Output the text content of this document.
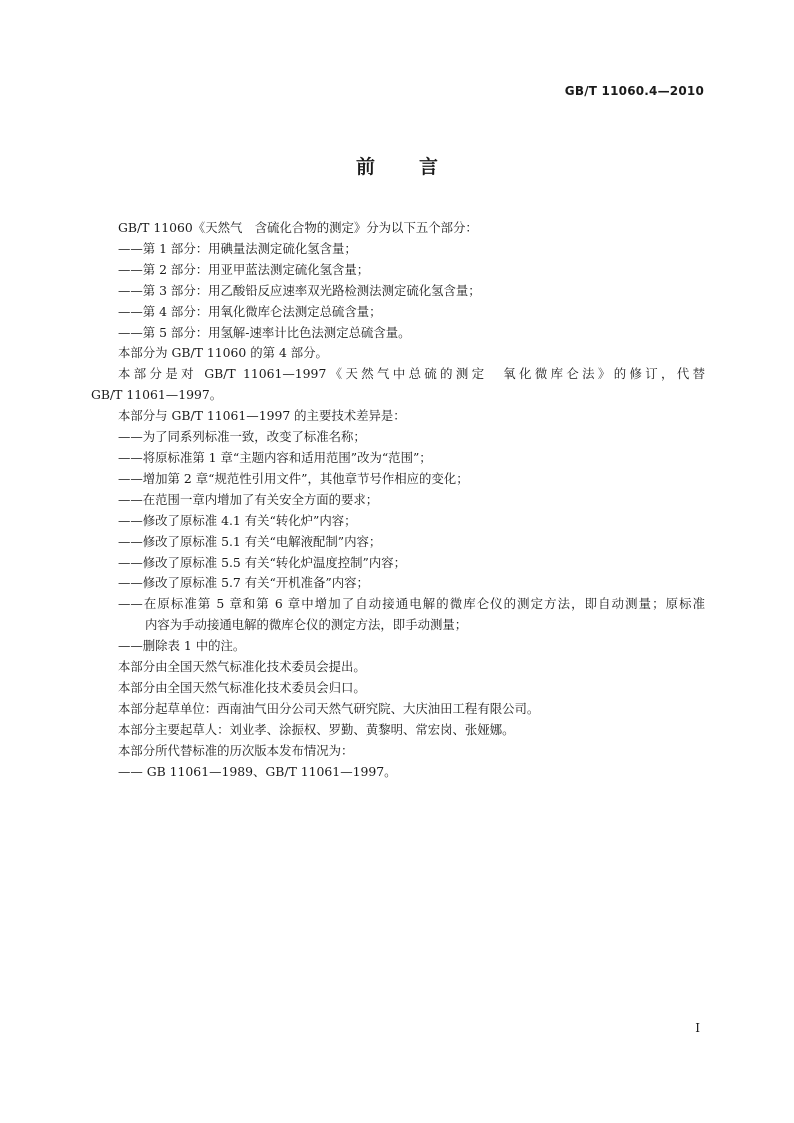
GB/T 11060.4—2010
前言

GB/T 11060《天然气　含硫化合物的测定》分为以下五个部分：

——第 1 部分：用碘量法测定硫化氢含量；

——第 2 部分：用亚甲蓝法测定硫化氢含量；

——第 3 部分：用乙酸铅反应速率双光路检测法测定硫化氢含量；

——第 4 部分：用氧化微库仑法测定总硫含量；

——第 5 部分：用氢解-速率计比色法测定总硫含量。

本部分为 GB/T 11060 的第 4 部分。

本部分是对 GB/T 11061—1997《天然气中总硫的测定　氧化微库仑法》的修订，代替

GB/T 11061—1997。

本部分与 GB/T 11061—1997 的主要技术差异是：

——为了同系列标准一致，改变了标准名称；

——将原标准第 1 章“主题内容和适用范围”改为“范围”；

——增加第 2 章“规范性引用文件”，其他章节号作相应的变化；

——在范围一章内增加了有关安全方面的要求；

——修改了原标准 4.1 有关“转化炉”内容；

——修改了原标准 5.1 有关“电解液配制”内容；

——修改了原标准 5.5 有关“转化炉温度控制”内容；

——修改了原标准 5.7 有关“开机准备”内容；

——在原标准第 5 章和第 6 章中增加了自动接通电解的微库仑仪的测定方法，即自动测量；原标准

内容为手动接通电解的微库仑仪的测定方法，即手动测量；

——删除表 1 中的注。

本部分由全国天然气标准化技术委员会提出。

本部分由全国天然气标准化技术委员会归口。

本部分起草单位：西南油气田分公司天然气研究院、大庆油田工程有限公司。

本部分主要起草人：刘业孝、涂振权、罗勤、黄黎明、常宏岗、张娅娜。

本部分所代替标准的历次版本发布情况为：

—— GB 11061—1989、GB/T 11061—1997。

I
